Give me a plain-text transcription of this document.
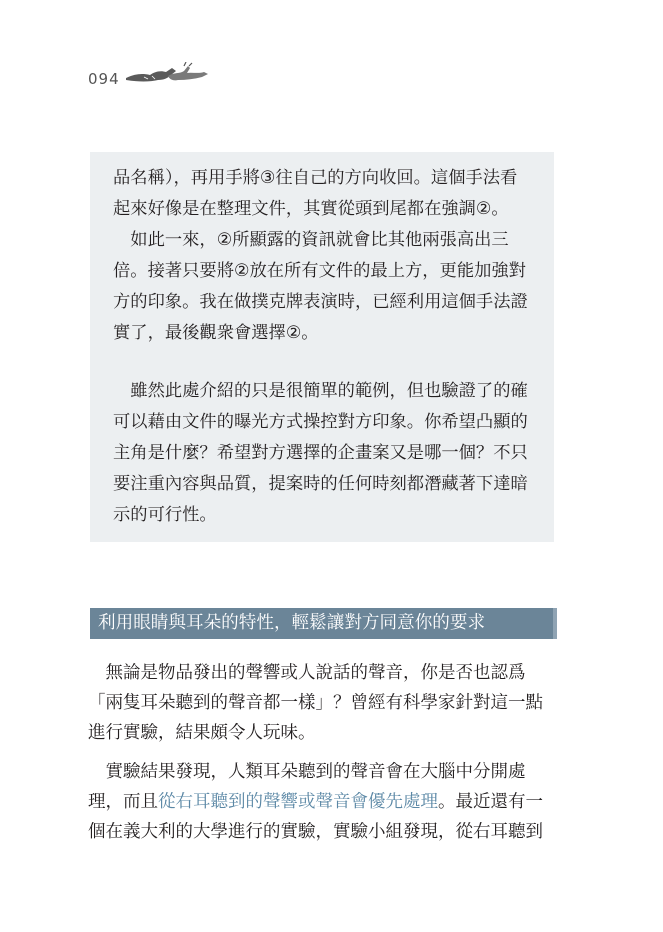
094
品名稱），再用手將③往自己的方向收回。這個手法看
起來好像是在整理文件，其實從頭到尾都在強調②。
　如此一來，②所顯露的資訊就會比其他兩張高出三
倍。接著只要將②放在所有文件的最上方，更能加強對
方的印象。我在做撲克牌表演時，已經利用這個手法證
實了，最後觀衆會選擇②。
　雖然此處介紹的只是很簡單的範例，但也驗證了的確
可以藉由文件的曝光方式操控對方印象。你希望凸顯的
主角是什麼？希望對方選擇的企畫案又是哪一個？不只
要注重內容與品質，提案時的任何時刻都潛藏著下達暗
示的可行性。
利用眼睛與耳朵的特性，輕鬆讓對方同意你的要求
　無論是物品發出的聲響或人說話的聲音，你是否也認爲
「兩隻耳朵聽到的聲音都一樣」？曾經有科學家針對這一點
進行實驗，結果頗令人玩味。
　實驗結果發現，人類耳朵聽到的聲音會在大腦中分開處
理，而且從右耳聽到的聲響或聲音會優先處理。最近還有一
個在義大利的大學進行的實驗，實驗小組發現，從右耳聽到
